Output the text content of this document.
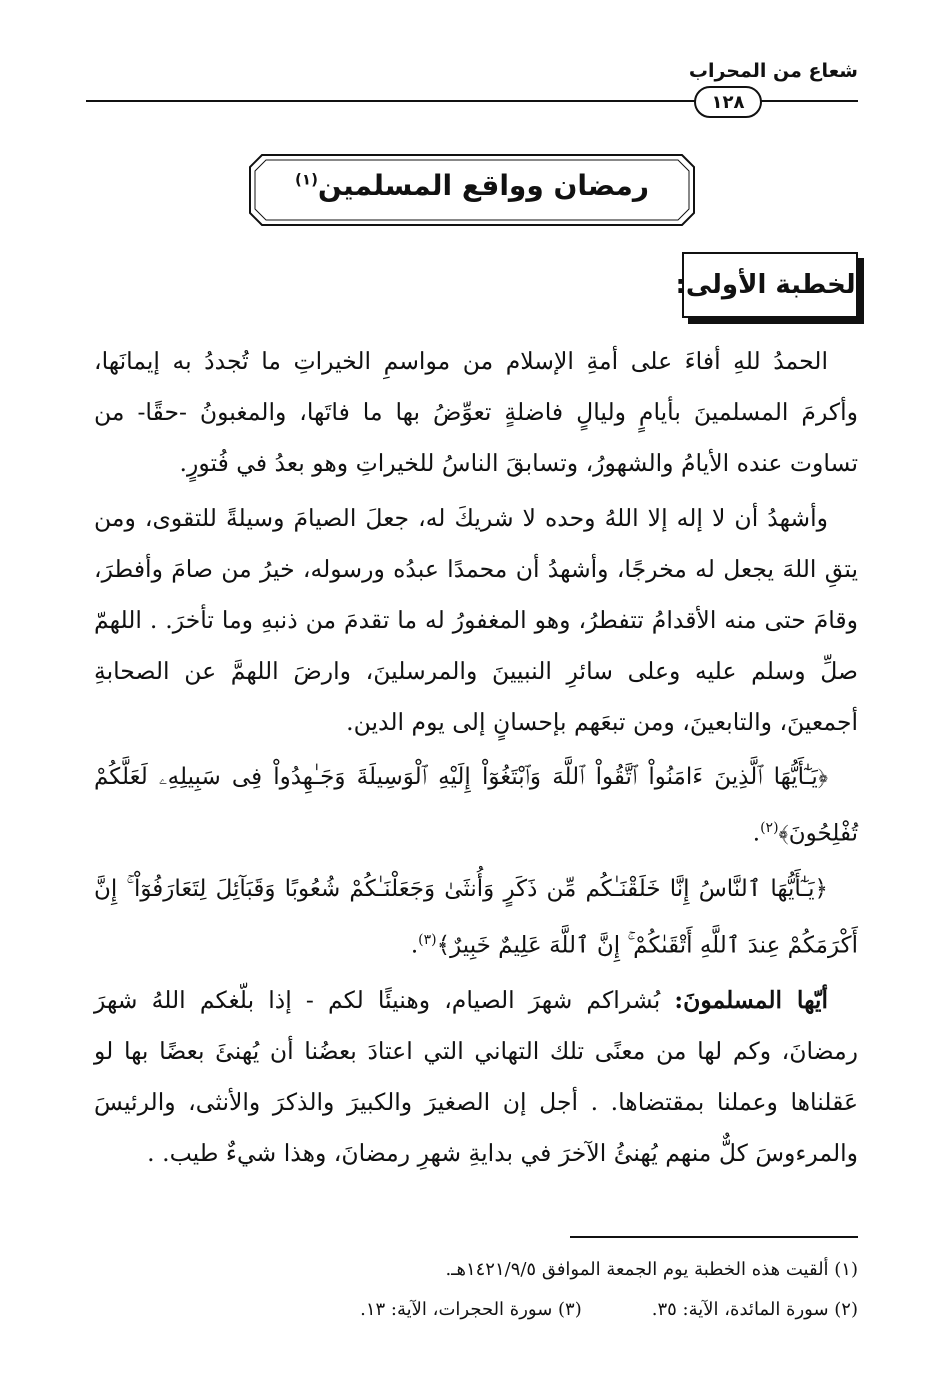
شعاع من المحراب
١٢٨
رمضان وواقع المسلمين$^{(١)}$
الخطبة الأولى:

الحمدُ للهِ أفاءَ على أمةِ الإسلام من مواسمِ الخيراتِ ما تُجددُ به إيمانَها، وأكرمَ المسلمينَ بأيامٍ وليالٍ فاضلةٍ تعوِّضُ بها ما فاتَها، والمغبونُ -حقًا- من تساوت عنده الأيامُ والشهورُ، وتسابقَ الناسُ للخيراتِ وهو بعدُ في فُتورٍ.

وأشهدُ أن لا إله إلا اللهُ وحده لا شريكَ له، جعلَ الصيامَ وسيلةً للتقوى، ومن يتقِ اللهَ يجعل له مخرجًا، وأشهدُ أن محمدًا عبدُه ورسوله، خيرُ من صامَ وأفطرَ، وقامَ حتى منه الأقدامُ تتفطرُ، وهو المغفورُ له ما تقدمَ من ذنبهِ وما تأخرَ. . اللهمّ صلِّ وسلم عليه وعلى سائرِ النبيينَ والمرسلينَ، وارضَ اللهمَّ عن الصحابةِ أجمعينَ، والتابعينَ، ومن تبعَهم بإحسانٍ إلى يوم الدين.

﴿يَـٰٓأَيُّهَا ٱلَّذِينَ ءَامَنُواْ ٱتَّقُواْ ٱللَّهَ وَٱبْتَغُوٓاْ إِلَيْهِ ٱلْوَسِيلَةَ وَجَـٰهِدُواْ فِى سَبِيلِهِۦ لَعَلَّكُمْ تُفْلِحُونَ﴾$^{(٢)}$.

﴿يَـٰٓأَيُّهَا ٱلنَّاسُ إِنَّا خَلَقْنَـٰكُم مِّن ذَكَرٍ وَأُنثَىٰ وَجَعَلْنَـٰكُمْ شُعُوبًا وَقَبَآئِلَ لِتَعَارَفُوٓاْ ۚ إِنَّ أَكْرَمَكُمْ عِندَ ٱللَّهِ أَتْقَىٰكُمْ ۚ إِنَّ ٱللَّهَ عَلِيمٌ خَبِيرٌ﴾$^{(٣)}$.

أيّها المسلمونَ: بُشراكم شهرَ الصيام، وهنيئًا لكم - إذا بلّغكم اللهُ شهرَ رمضانَ، وكم لها من معنًى تلك التهاني التي اعتادَ بعضُنا أن يُهنئَ بعضًا بها لو عَقلناها وعملنا بمقتضاها. . أجل إن الصغيرَ والكبيرَ والذكرَ والأنثى، والرئيسَ والمرءوسَ كلٌّ منهم يُهنئُ الآخرَ في بدايةِ شهرِ رمضانَ، وهذا شيءٌ طيب. .

(١) ألقيت هذه الخطبة يوم الجمعة الموافق ١٤٢١/٩/٥هـ.
(٢) سورة المائدة، الآية: ٣٥.
(٣) سورة الحجرات، الآية: ١٣.
